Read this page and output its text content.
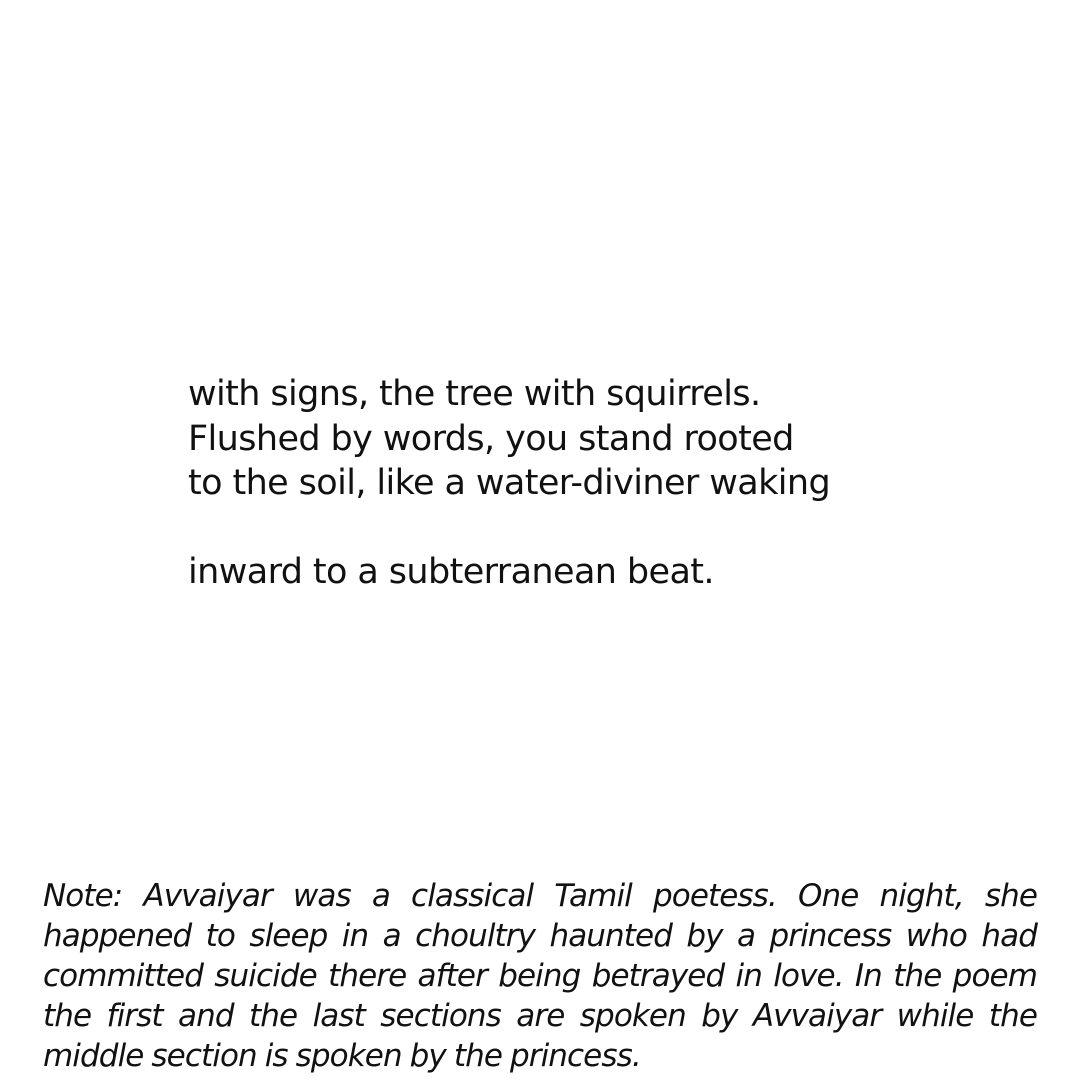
with signs, the tree with squirrels.
Flushed by words, you stand rooted
to the soil, like a water-diviner waking
inward to a subterranean beat.

Note: Avvaiyar was a classical Tamil poetess. One night, she happened to sleep in a choultry haunted by a princess who had committed suicide there after being betrayed in love. In the poem the first and the last sections are spoken by Avvaiyar while the middle section is spoken by the princess.
